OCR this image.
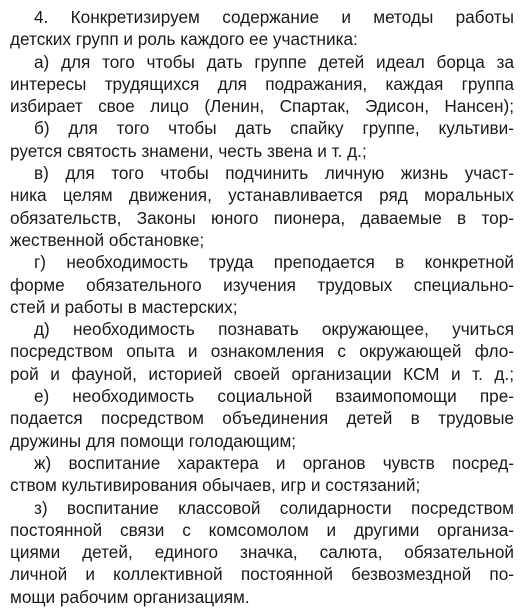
4. Конкретизируем содержание и методы работы
детских групп и роль каждого ее участника:
а) для того чтобы дать группе детей идеал борца за
интересы трудящихся для подражания, каждая группа
избирает свое лицо (Ленин, Спартак, Эдисон, Нансен);
б) для того чтобы дать спайку группе, культиви-
руется святость знамени, честь звена и т. д.;
в) для того чтобы подчинить личную жизнь участ-
ника целям движения, устанавливается ряд моральных
обязательств, Законы юного пионера, даваемые в тор-
жественной обстановке;
г) необходимость труда преподается в конкретной
форме обязательного изучения трудовых специально-
стей и работы в мастерских;
д) необходимость познавать окружающее, учиться
посредством опыта и ознакомления с окружающей фло-
рой и фауной, историей своей организации КСМ и т. д.;
е) необходимость социальной взаимопомощи пре-
подается посредством объединения детей в трудовые
дружины для помощи голодающим;
ж) воспитание характера и органов чувств посред-
ством культивирования обычаев, игр и состязаний;
з) воспитание классовой солидарности посредством
постоянной связи с комсомолом и другими организа-
циями детей, единого значка, салюта, обязательной
личной и коллективной постоянной безвозмездной по-
мощи рабочим организациям.
